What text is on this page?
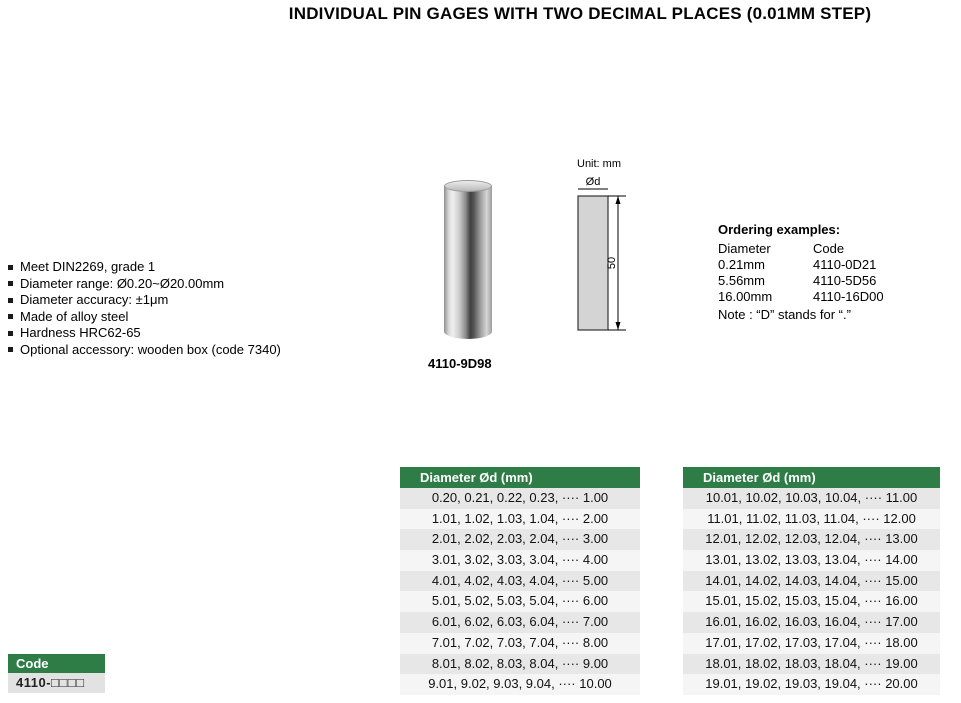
INDIVIDUAL PIN GAGES WITH TWO DECIMAL PLACES (0.01MM STEP)
Meet DIN2269, grade 1
Diameter range: Ø0.20~Ø20.00mm
Diameter accuracy: ±1μm
Made of alloy steel
Hardness HRC62-65
Optional accessory: wooden box (code 7340)
4110-9D98
Unit: mm
Ød
50
Ordering examples:
Diameter	Code
0.21mm	4110-0D21
5.56mm	4110-5D56
16.00mm	4110-16D00
Note : “D” stands for “.”
Code
4110-□□□□
Diameter Ød (mm)
0.20, 0.21, 0.22, 0.23, ···· 1.00
1.01, 1.02, 1.03, 1.04, ···· 2.00
2.01, 2.02, 2.03, 2.04, ···· 3.00
3.01, 3.02, 3.03, 3.04, ···· 4.00
4.01, 4.02, 4.03, 4.04, ···· 5.00
5.01, 5.02, 5.03, 5.04, ···· 6.00
6.01, 6.02, 6.03, 6.04, ···· 7.00
7.01, 7.02, 7.03, 7.04, ···· 8.00
8.01, 8.02, 8.03, 8.04, ···· 9.00
9.01, 9.02, 9.03, 9.04, ···· 10.00
Diameter Ød (mm)
10.01, 10.02, 10.03, 10.04, ···· 11.00
11.01, 11.02, 11.03, 11.04, ···· 12.00
12.01, 12.02, 12.03, 12.04, ···· 13.00
13.01, 13.02, 13.03, 13.04, ···· 14.00
14.01, 14.02, 14.03, 14.04, ···· 15.00
15.01, 15.02, 15.03, 15.04, ···· 16.00
16.01, 16.02, 16.03, 16.04, ···· 17.00
17.01, 17.02, 17.03, 17.04, ···· 18.00
18.01, 18.02, 18.03, 18.04, ···· 19.00
19.01, 19.02, 19.03, 19.04, ···· 20.00
